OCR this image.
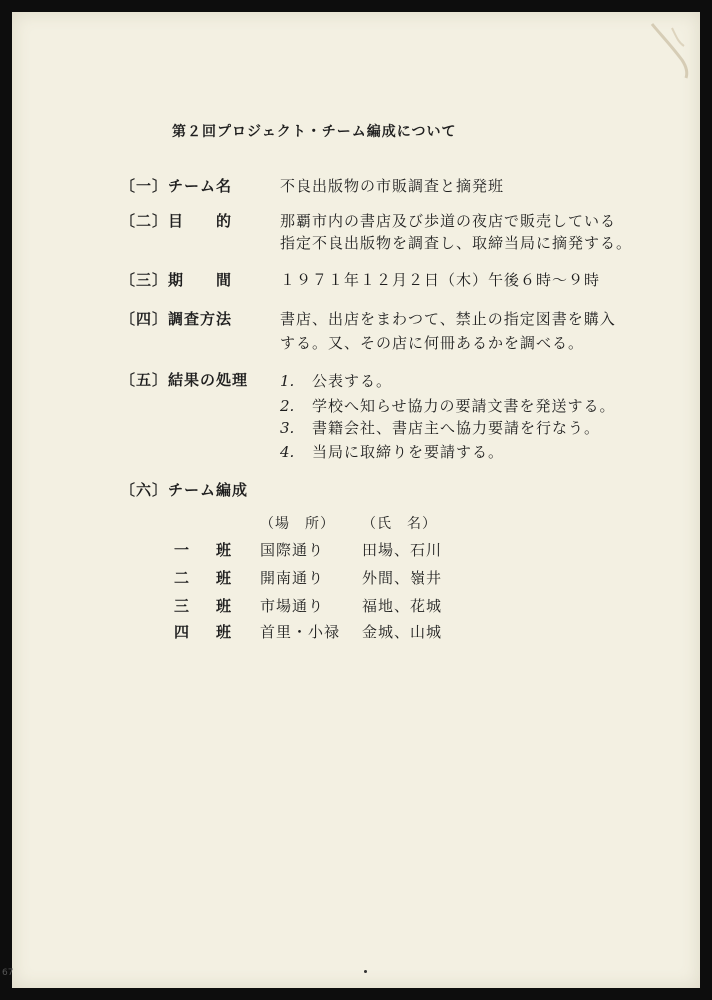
第２回プロジェクト・チーム編成について
〔一〕チーム名	不良出版物の市販調査と摘発班
〔二〕目　　的	那覇市内の書店及び歩道の夜店で販売している
指定不良出版物を調査し、取締当局に摘発する。
〔三〕期　　間	１９７１年１２月２日（木）午後６時～９時
〔四〕調査方法	書店、出店をまわつて、禁止の指定図書を購入
する。又、その店に何冊あるかを調べる。
〔五〕結果の処理 1. 公表する。
2. 学校へ知らせ協力の要請文書を発送する。
3. 書籍会社、書店主へ協力要請を行なう。
4. 当局に取締りを要請する。
〔六〕チーム編成
（場　所） （氏　名）
一　班 国際通り	田場、石川
二　班 開南通り	外間、嶺井
三　班 市場通り	福地、花城
四　班 首里・小禄 金城、山城
67
